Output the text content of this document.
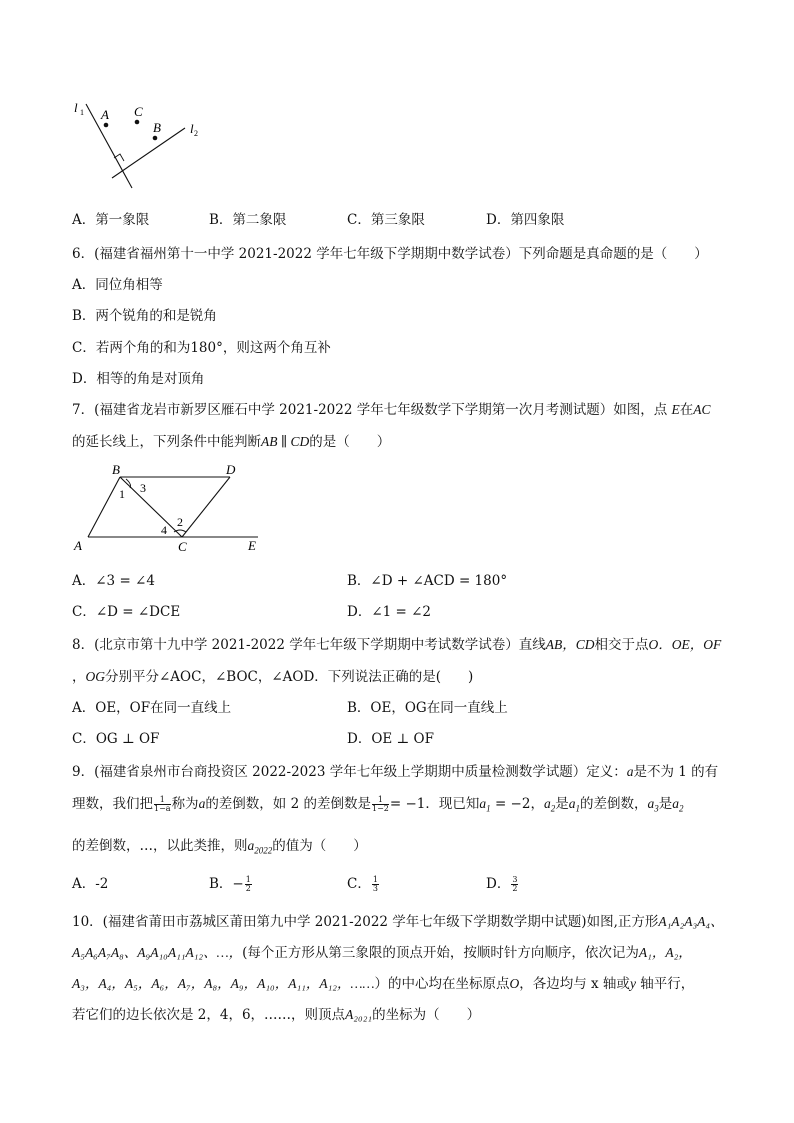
l 1
l 2
A C
B
A．第一象限	B．第二象限	C．第三象限	D．第四象限
6．(福建省福州第十一中学 2021-2022 学年七年级下学期期中数学试卷）下列命题是真命题的是（　　）
A．同位角相等
B．两个锐角的和是锐角
C．若两个角的和为180°，则这两个角互补
D．相等的角是对顶角
7．(福建省龙岩市新罗区雁石中学 2021-2022 学年七年级数学下学期第一次月考测试题）如图，点 E在AC
的延长线上，下列条件中能判断AB ∥ CD的是（　　）
B	D
A	C	E
1
2
3
4
A．∠3 = ∠4	B．∠D + ∠ACD = 180°
C．∠D = ∠DCE	D．∠1 = ∠2
8．(北京市第十九中学 2021-2022 学年七年级下学期期中考试数学试卷）直线AB，CD相交于点O．OE，OF
，OG分别平分∠AOC，∠BOC，∠AOD．下列说法正确的是(　　)
A．OE，OF在同一直线上	B．OE，OG在同一直线上
C．OG ⊥ OF	D．OE ⊥ OF
9．(福建省泉州市台商投资区 2022-2023 学年七年级上学期期中质量检测数学试题）定义：a是不为 1 的有
理数，我们把 $\frac{1}{1-a}$ 称为a的差倒数，如 2 的差倒数是 $\frac{1}{1-2} = -1$．现已知$a_1 = -2$，$a_2$是$a_1$的差倒数，$a_3$是$a_2$
的差倒数，…，以此类推，则$a_{2022}$的值为（　　）
A．-2	B．− $\frac{1}{2}$	C． $\frac{1}{3}$	D． $\frac{3}{2}$
10．(福建省莆田市荔城区莆田第九中学 2021-2022 学年七年级下学期数学期中试题)如图,正方形A₁A₂A₃A₄、
A₅A₆A₇A₈、A₉A₁₀A₁₁A₁₂、…，(每个正方形从第三象限的顶点开始，按顺时针方向顺序，依次记为A₁，A₂，
A₃，A₄，A₅，A₆，A₇，A₈，A₉，A₁₀，A₁₁，A₁₂，……）的中心均在坐标原点O，各边均与 x 轴或y 轴平行，
若它们的边长依次是 2，4，6，……，则顶点A₂₀₂₁的坐标为（　　）
